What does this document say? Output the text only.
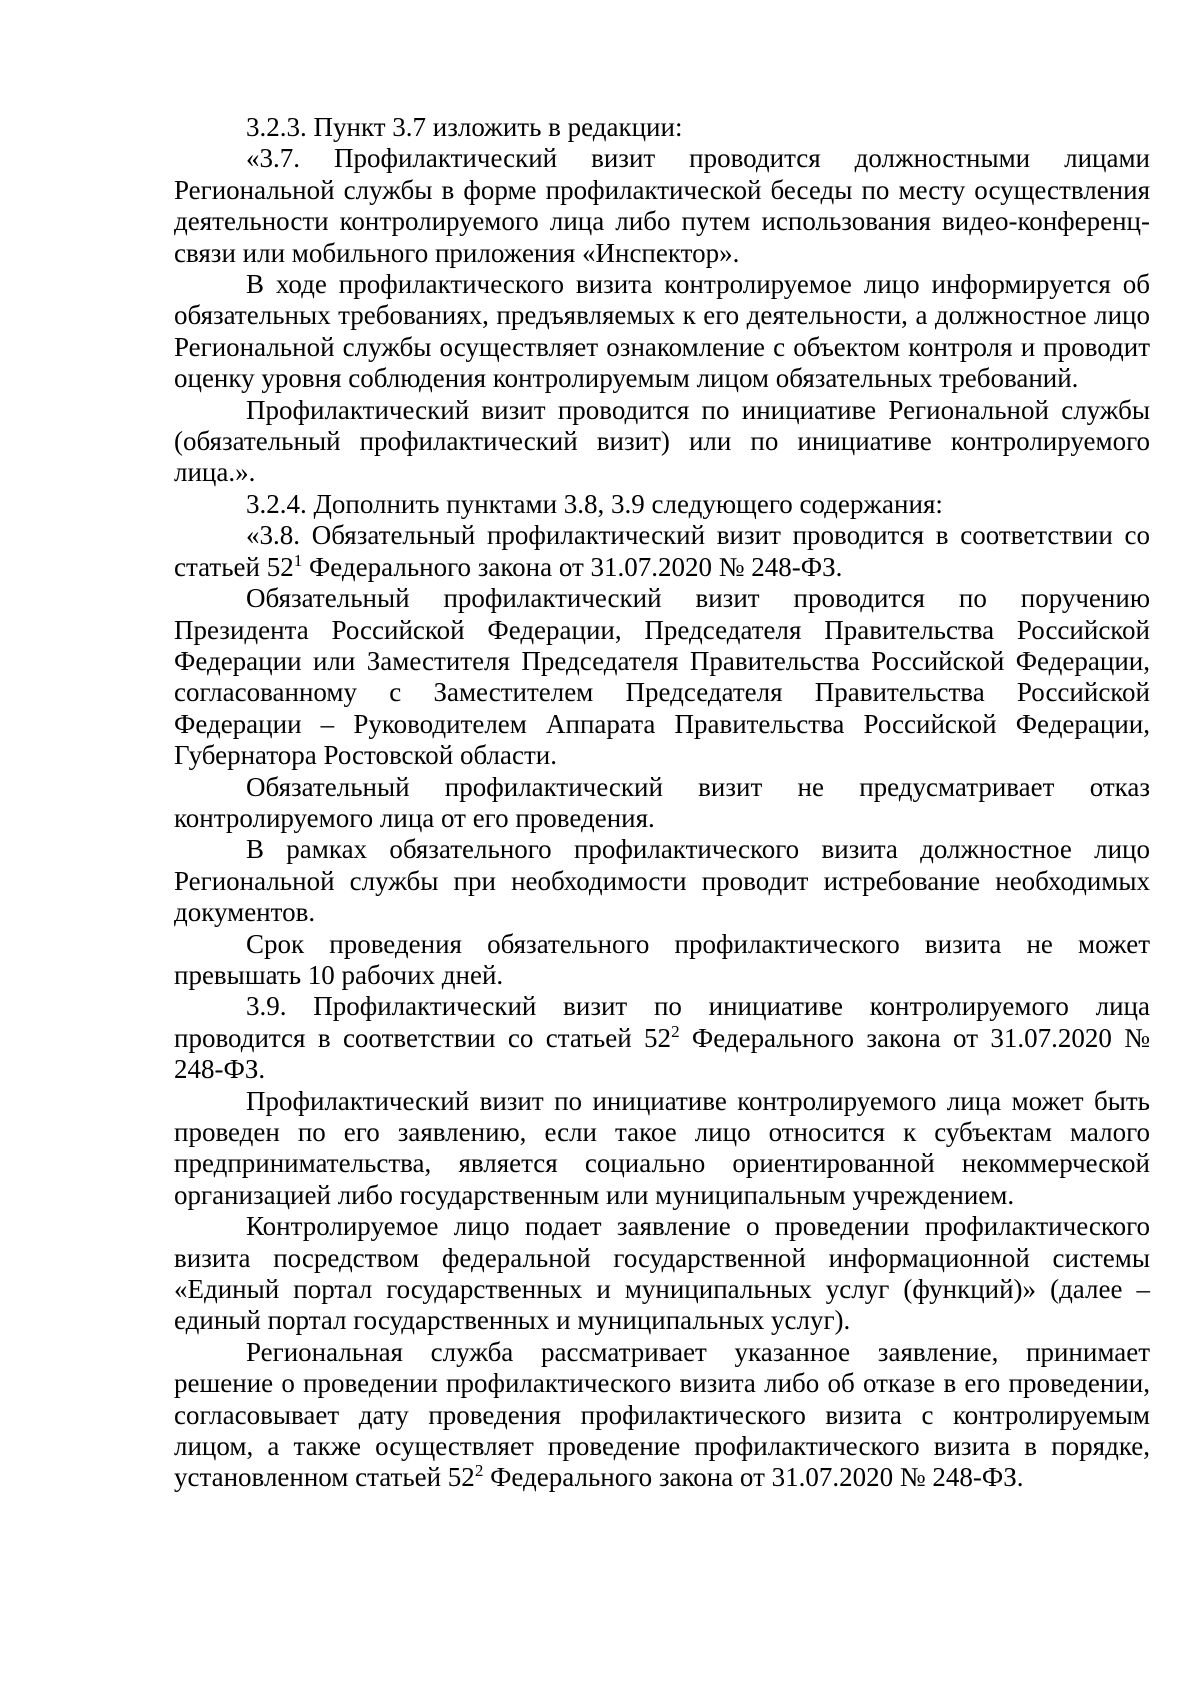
3.2.3. Пункт 3.7 изложить в редакции:

«3.7. Профилактический визит проводится должностными лицами Региональной службы в форме профилактической беседы по месту осуществления деятельности контролируемого лица либо путем использования видео-конференц-связи или мобильного приложения «Инспектор».

В ходе профилактического визита контролируемое лицо информируется об обязательных требованиях, предъявляемых к его деятельности, а должностное лицо Региональной службы осуществляет ознакомление с объектом контроля и проводит оценку уровня соблюдения контролируемым лицом обязательных требований.

Профилактический визит проводится по инициативе Региональной службы (обязательный профилактический визит) или по инициативе контролируемого лица.».

3.2.4. Дополнить пунктами 3.8, 3.9 следующего содержания:

«3.8. Обязательный профилактический визит проводится в соответствии со статьей $52^1$ Федерального закона от 31.07.2020 № 248-ФЗ.

Обязательный профилактический визит проводится по поручению Президента Российской Федерации, Председателя Правительства Российской Федерации или Заместителя Председателя Правительства Российской Федерации, согласованному с Заместителем Председателя Правительства Российской Федерации – Руководителем Аппарата Правительства Российской Федерации, Губернатора Ростовской области.

Обязательный профилактический визит не предусматривает отказ контролируемого лица от его проведения.

В рамках обязательного профилактического визита должностное лицо Региональной службы при необходимости проводит истребование необходимых документов.

Срок проведения обязательного профилактического визита не может превышать 10 рабочих дней.

3.9. Профилактический визит по инициативе контролируемого лица проводится в соответствии со статьей $52^2$ Федерального закона от 31.07.2020 № 248-ФЗ.

Профилактический визит по инициативе контролируемого лица может быть проведен по его заявлению, если такое лицо относится к субъектам малого предпринимательства, является социально ориентированной некоммерческой организацией либо государственным или муниципальным учреждением.

Контролируемое лицо подает заявление о проведении профилактического визита посредством федеральной государственной информационной системы «Единый портал государственных и муниципальных услуг (функций)» (далее – единый портал государственных и муниципальных услуг).

Региональная служба рассматривает указанное заявление, принимает решение о проведении профилактического визита либо об отказе в его проведении, согласовывает дату проведения профилактического визита с контролируемым лицом, а также осуществляет проведение профилактического визита в порядке, установленном статьей $52^2$ Федерального закона от 31.07.2020 № 248-ФЗ.
